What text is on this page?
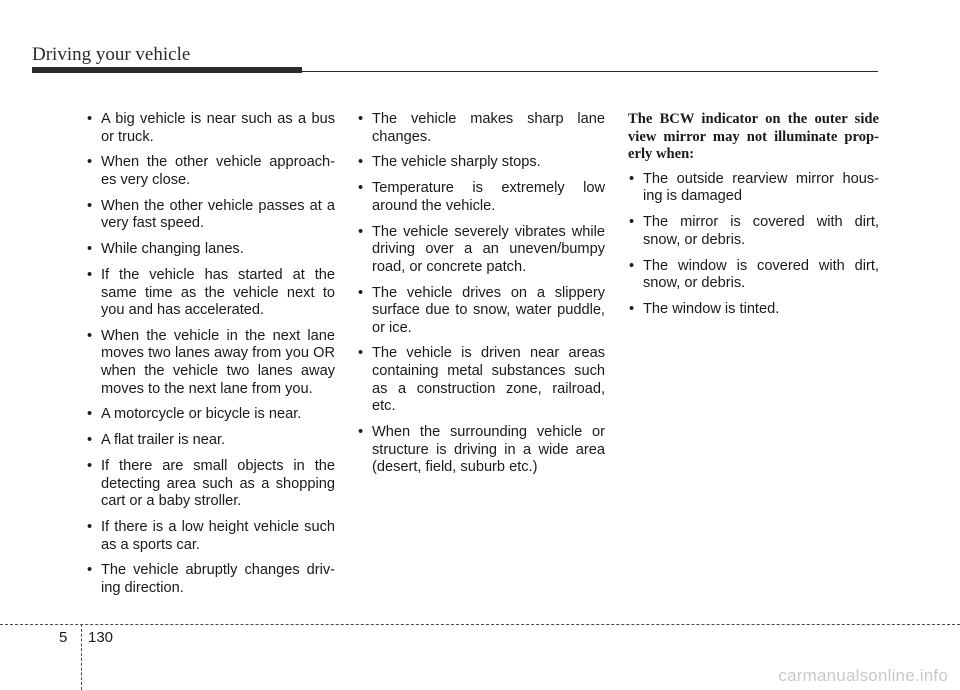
Driving your vehicle
• A big vehicle is near such as a bus or truck.
• When the other vehicle approach-es very close.
• When the other vehicle passes at a very fast speed.
• While changing lanes.
• If the vehicle has started at the same time as the vehicle next to you and has accelerated.
• When the vehicle in the next lane moves two lanes away from you OR when the vehicle two lanes away moves to the next lane from you.
• A motorcycle or bicycle is near.
• A flat trailer is near.
• If there are small objects in the detecting area such as a shopping cart or a baby stroller.
• If there is a low height vehicle such as a sports car.
• The vehicle abruptly changes driv-ing direction.
• The vehicle makes sharp lane changes.
• The vehicle sharply stops.
• Temperature is extremely low around the vehicle.
• The vehicle severely vibrates while driving over a an uneven/bumpy road, or concrete patch.
• The vehicle drives on a slippery surface due to snow, water puddle, or ice.
• The vehicle is driven near areas containing metal substances such as a construction zone, railroad, etc.
• When the surrounding vehicle or structure is driving in a wide area (desert, field, suburb etc.)
The BCW indicator on the outer side view mirror may not illuminate prop-erly when:
• The outside rearview mirror hous-ing is damaged
• The mirror is covered with dirt, snow, or debris.
• The window is covered with dirt, snow, or debris.
• The window is tinted.
5 130
carmanualsonline.info
